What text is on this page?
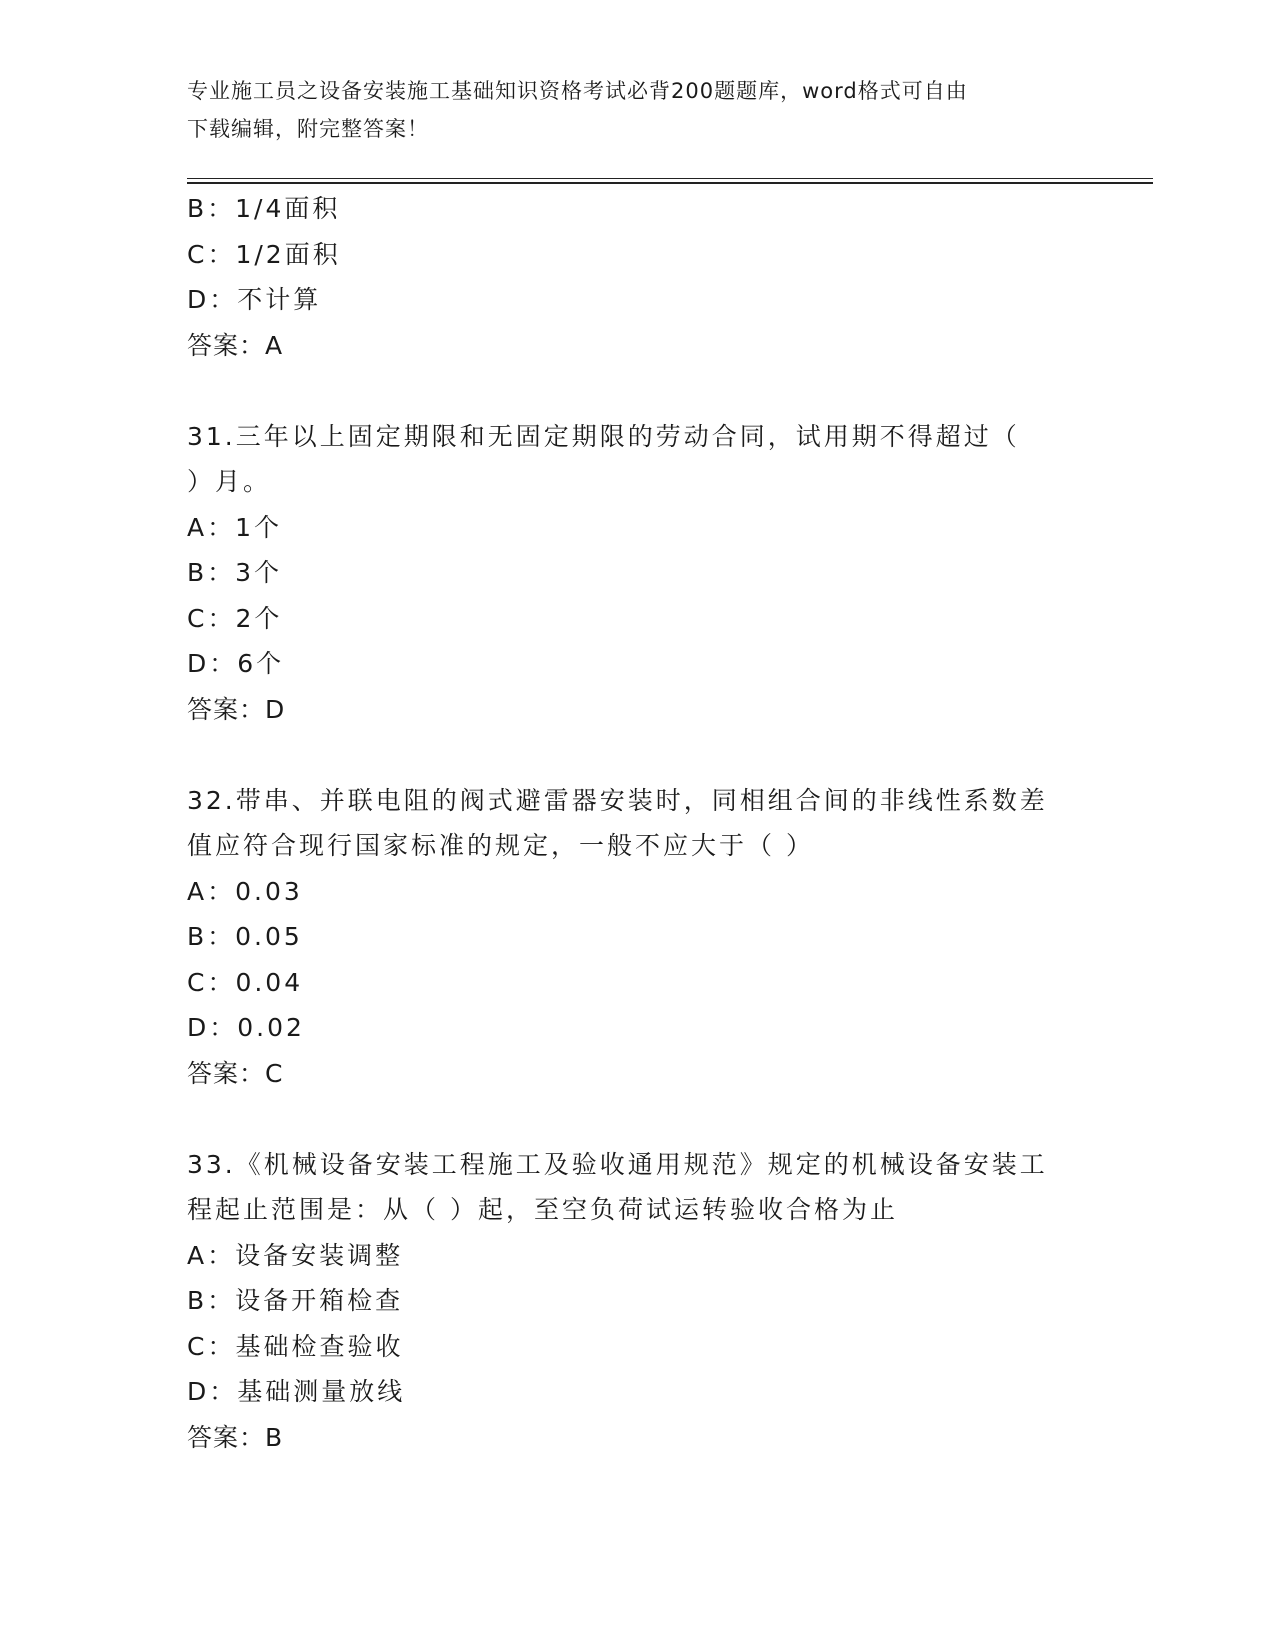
专业施工员之设备安装施工基础知识资格考试必背200题题库，word格式可自由
下载编辑，附完整答案！
B：1/4面积
C：1/2面积
D：不计算
答案：A
31.三年以上固定期限和无固定期限的劳动合同，试用期不得超过（
）月。
A：1个
B：3个
C：2个
D：6个
答案：D
32.带串、并联电阻的阀式避雷器安装时，同相组合间的非线性系数差
值应符合现行国家标准的规定，一般不应大于（ ）
A：0.03
B：0.05
C：0.04
D：0.02
答案：C
33.《机械设备安装工程施工及验收通用规范》规定的机械设备安装工
程起止范围是：从（ ）起，至空负荷试运转验收合格为止
A：设备安装调整
B：设备开箱检查
C：基础检查验收
D：基础测量放线
答案：B
